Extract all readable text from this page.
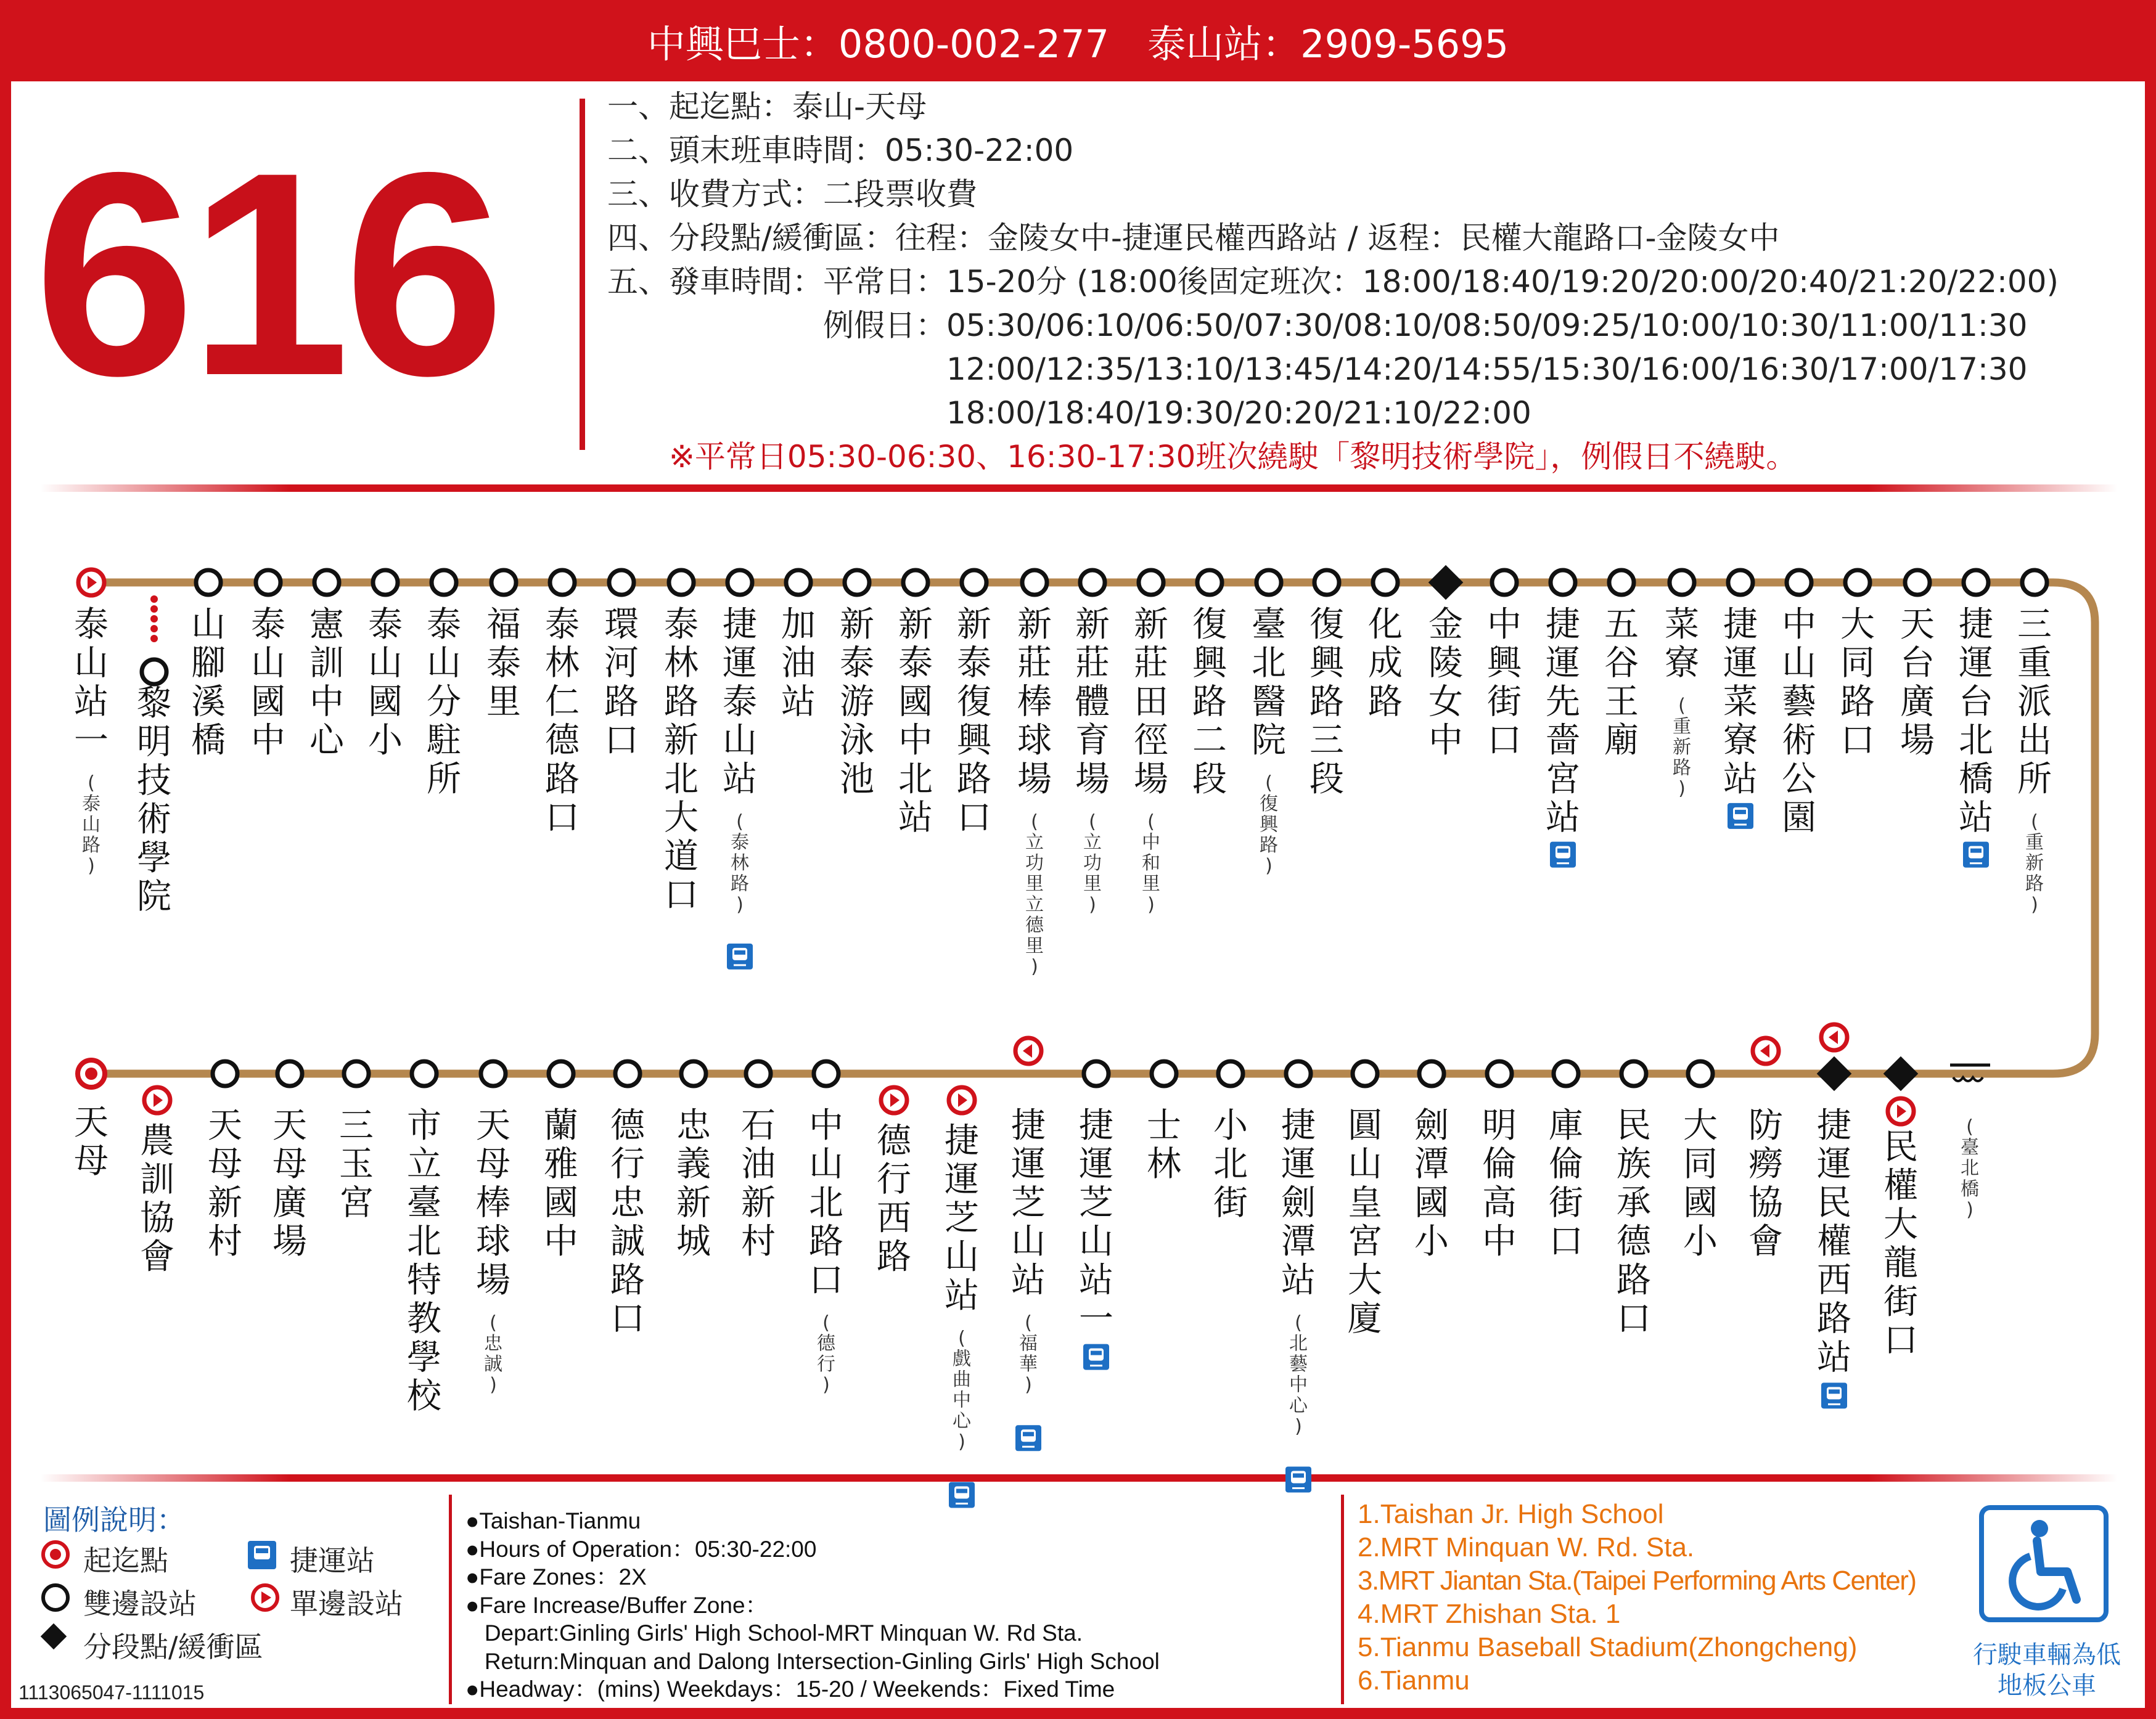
中興巴士：0800-002-277　泰山站：2909-5695
616
一、起迄點：泰山-天母
二、頭末班車時間：05:30-22:00
三、收費方式：二段票收費
四、分段點/緩衝區：往程：金陵女中-捷運民權西路站 / 返程：民權大龍路口-金陵女中
五、發車時間：平常日：15-20分 (18:00後固定班次：18:00/18:40/19:20/20:00/20:40/21:20/22:00)
　　　　　　　例假日：05:30/06:10/06:50/07:30/08:10/08:50/09:25/10:00/10:30/11:00/11:30
　　　　　　　　　　　12:00/12:35/13:10/13:45/14:20/14:55/15:30/16:00/16:30/17:00/17:30
　　　　　　　　　　　18:00/18:40/19:30/20:20/21:10/22:00
※平常日05:30-06:30、16:30-17:30班次繞駛「黎明技術學院」，例假日不繞駛。
泰山站一
(泰山路)
黎明技術學院
山腳溪橋
泰山國中
憲訓中心
泰山國小
泰山分駐所
福泰里
泰林仁德路口
環河路口
泰林路新北大道口
捷運泰山站
(泰林路)
加油站
新泰游泳池
新泰國中北站
新泰復興路口
新莊棒球場
(立功里立德里)
新莊體育場
(立功里)
新莊田徑場
(中和里)
復興路二段
臺北醫院
(復興路)
復興路三段
化成路
金陵女中
中興街口
捷運先嗇宮站
五谷王廟
菜寮
(重新路)
捷運菜寮站
中山藝術公園
大同路口
天台廣場
捷運台北橋站
三重派出所
(重新路)
(臺北橋)
天母
農訓協會
天母新村
天母廣場
三玉宮
市立臺北特教學校
天母棒球場
(忠誠)
蘭雅國中
德行忠誠路口
忠義新城
石油新村
中山北路口
(德行)
德行西路
捷運芝山站
(戲曲中心)
捷運芝山站
(福華)
捷運芝山站一
士林
小北街
捷運劍潭站
(北藝中心)
圓山皇宮大廈
劍潭國小
明倫高中
庫倫街口
民族承德路口
大同國小
防癆協會
捷運民權西路站
民權大龍街口
圖例說明：
起迄點
雙邊設站
分段點/緩衝區
捷運站
單邊設站
●Taishan-Tianmu
●Hours of Operation：05:30-22:00
●Fare Zones：2X
●Fare Increase/Buffer Zone：
Depart:Ginling Girls' High School-MRT Minquan W. Rd Sta.
Return:Minquan and Dalong Intersection-Ginling Girls' High School
●Headway：(mins) Weekdays：15-20 / Weekends：Fixed Time
1.Taishan Jr. High School
2.MRT Minquan W. Rd. Sta.
3.MRT Jiantan Sta.(Taipei Performing Arts Center)
4.MRT Zhishan Sta. 1
5.Tianmu Baseball Stadium(Zhongcheng)
6.Tianmu
行駛車輛為低地板公車
1113065047-1111015
